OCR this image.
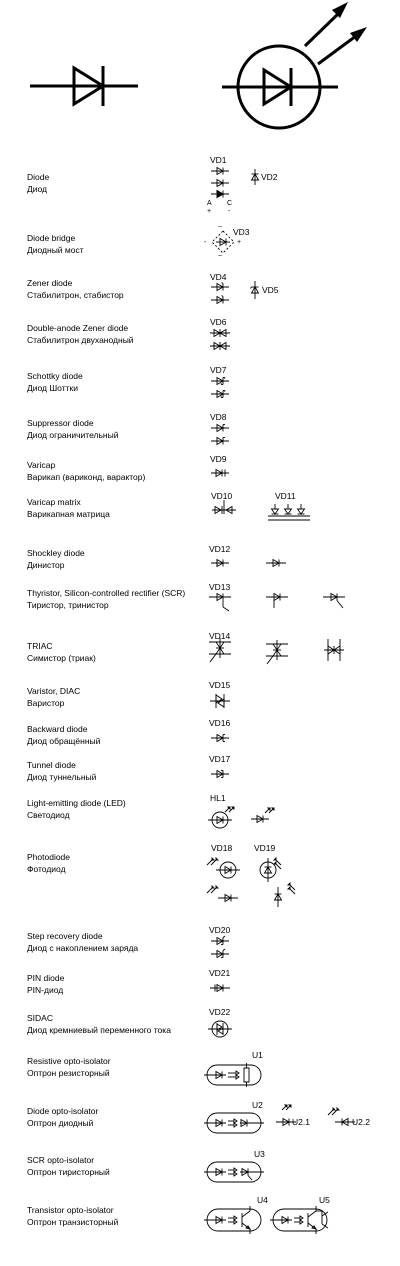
Diode
Диод
VD1
VD2
A C
+ -
Diode bridge
Диодный мост
VD3
~
~
-	+
Zener diode
Стабилитрон, стабистор
VD4
VD5
Double-anode Zener diode
Стабилитрон двуханодный
VD6
Schottky diode
Диод Шоттки
VD7
Suppressor diode
Диод ограничительный
VD8
Varicap
Варикап (вариконд, варактор)
VD9
Varicap matrix
Варикапная матрица
VD10	VD11
Shockley diode
Динистор
VD12
Thyristor, Silicon-controlled rectifier (SCR)
Тиристор, тринистор
VD13
TRIAC
Симистор (триак)
VD14
Varistor, DIAC
Варистор
VD15
Backward diode
Диод обращённый
VD16
Tunnel diode
Диод туннельный
VD17
Light-emitting diode (LED)
Светодиод
HL1
Photodiode
Фотодиод
VD18	VD19
Step recovery diode
Диод с накоплением заряда
VD20
PIN diode
PIN-диод
VD21
SIDAC
Диод кремниевый переменного тока
VD22
Resistive opto-isolator
Оптрон резисторный
U1
Diode opto-isolator
Оптрон диодный
U2
U2.1	U2.2
SCR opto-isolator
Оптрон тиристорный
U3
Transistor opto-isolator
Оптрон транзисторный
U4	U5
